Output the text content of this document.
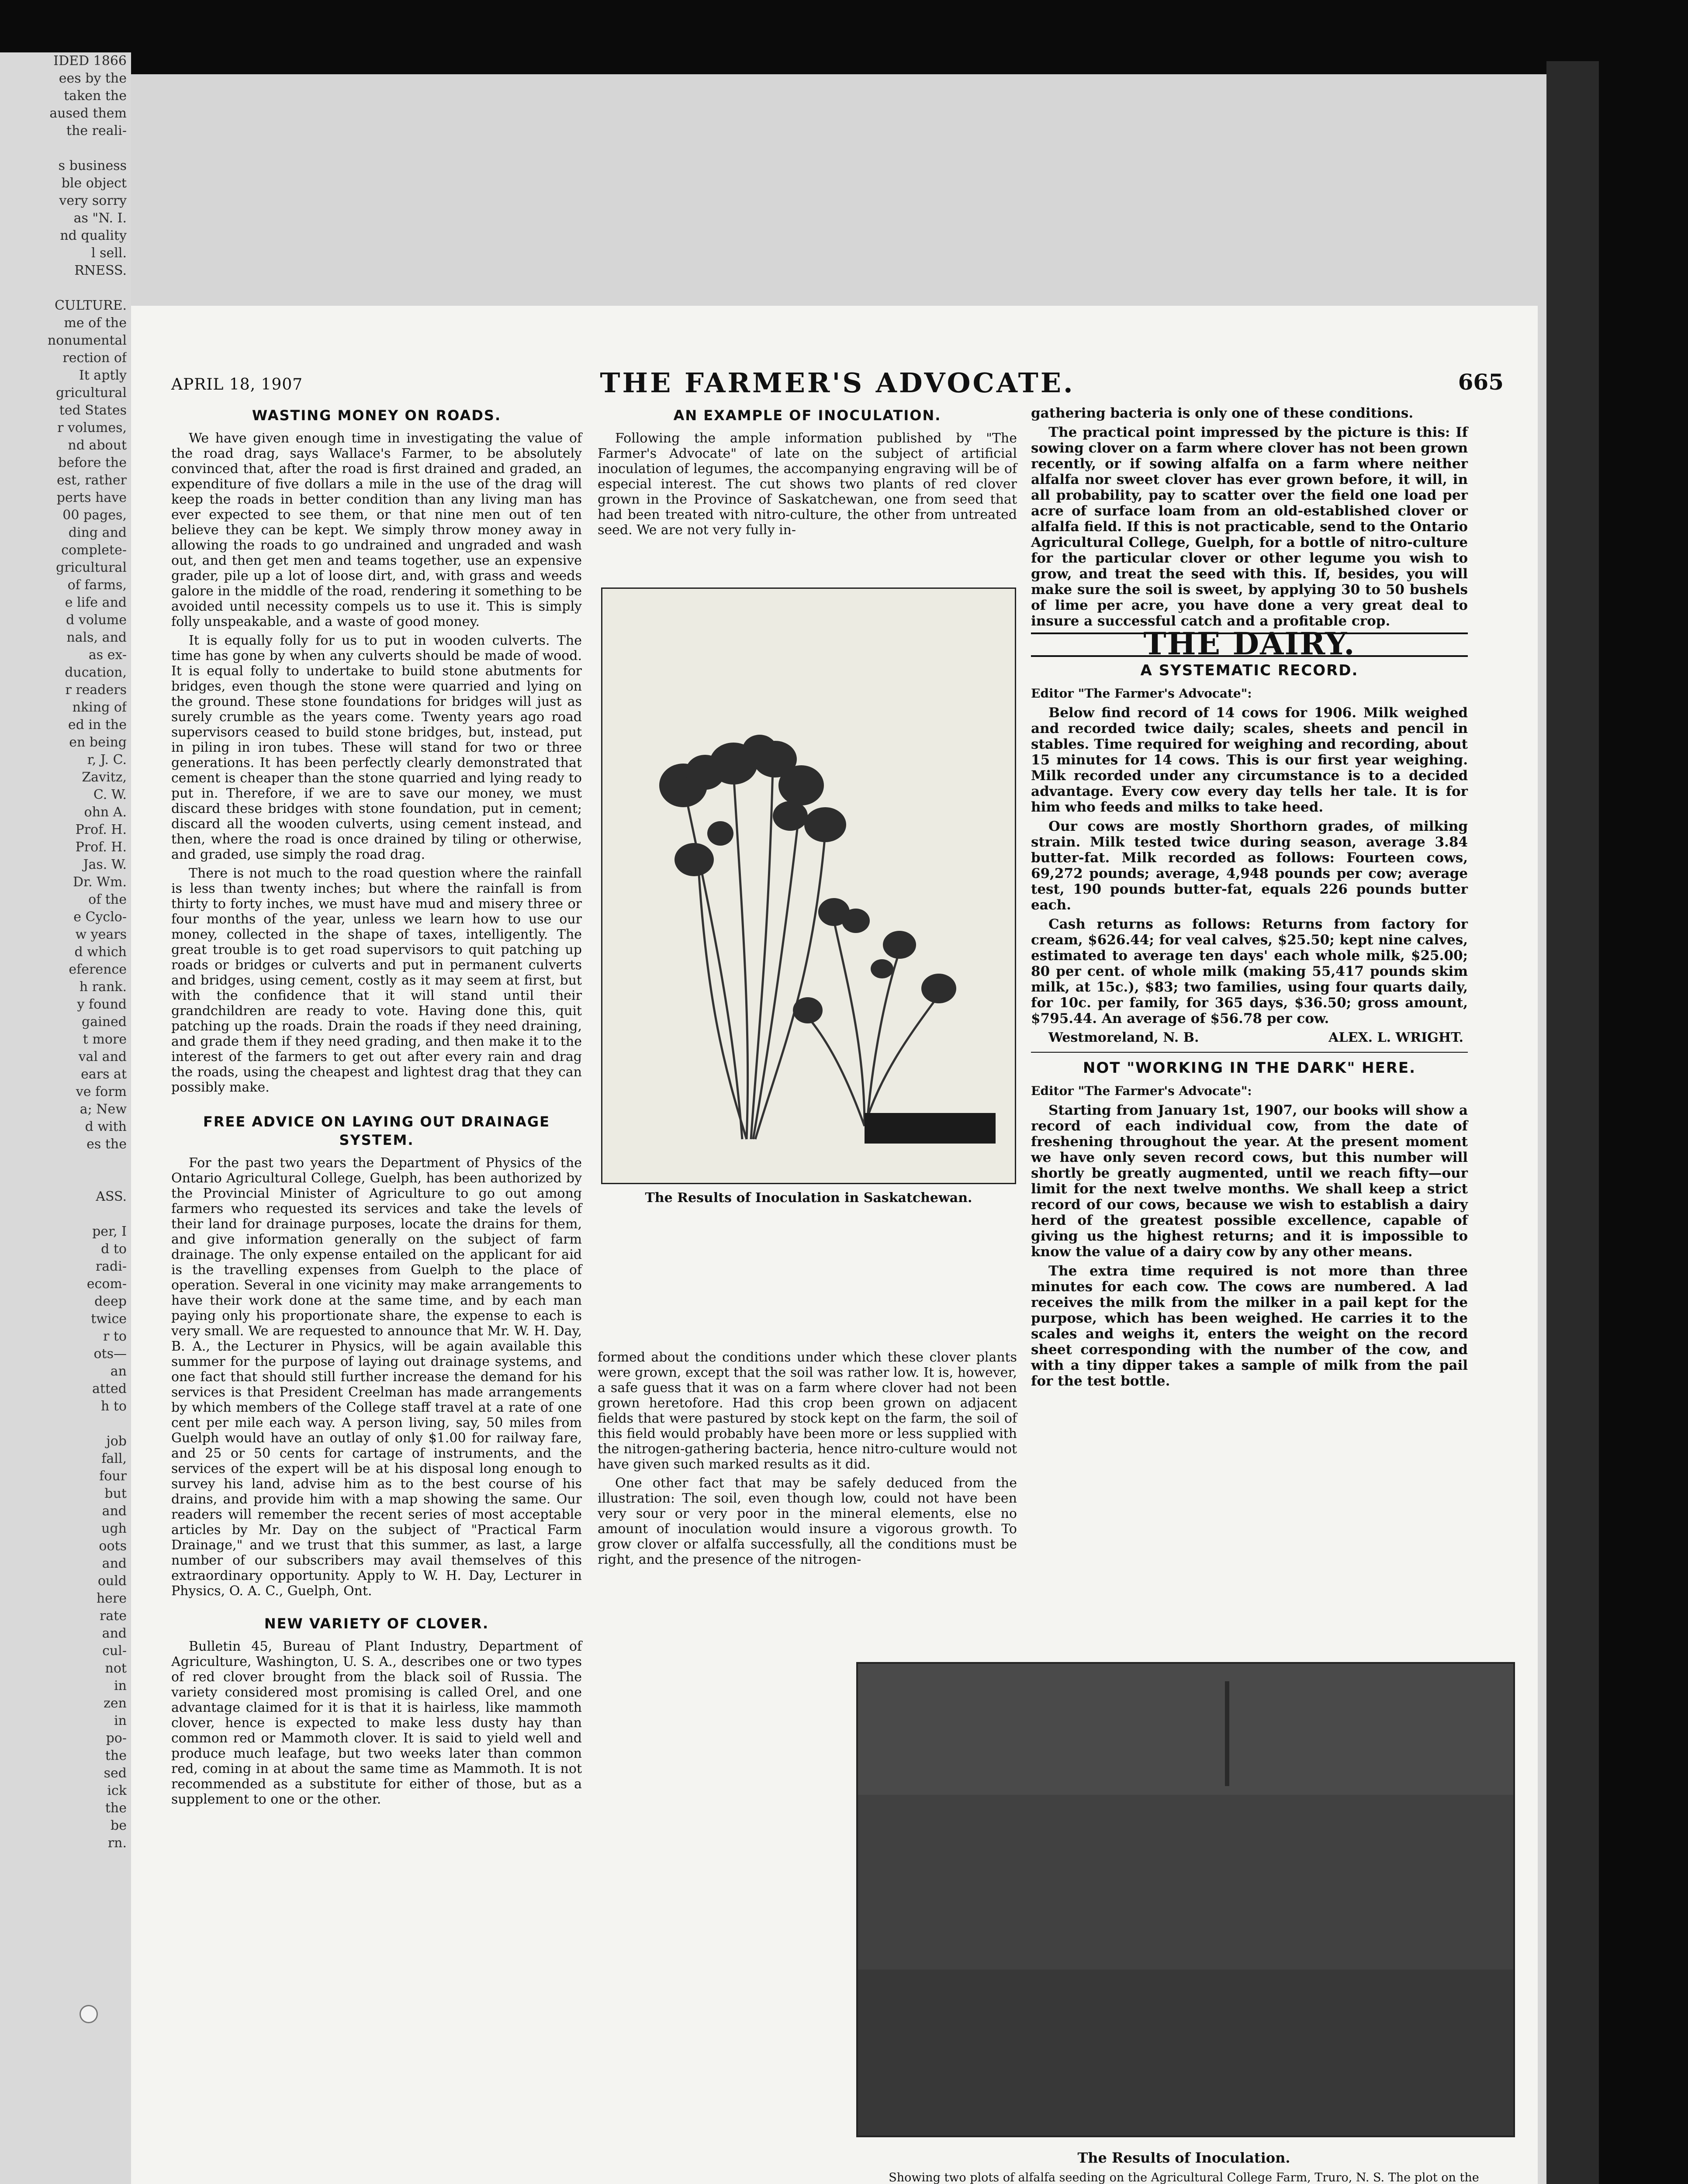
IDED 1866
ees by the
taken the
aused them
the reali-

s business
ble object
very sorry
as "N. I.
nd quality
l sell.
RNESS.

CULTURE.
me of the
nonumental
rection of
It aptly
gricultural
ted States
r volumes,
nd about
before the
est, rather
perts have
00 pages,
ding and
complete-
gricultural
of farms,
e life and
d volume
nals, and
as ex-
ducation,
r readers
nking of
ed in the
en being
r, J. C.
Zavitz,
C. W.
ohn A.
Prof. H.
Prof. H.
Jas. W.
Dr. Wm.
of the
e Cyclo-
w years
d which
eference
h rank.
y found
gained
t more
val and
ears at
ve form
a; New
d with
es the

ASS.

per, I
d to
radi-
ecom-
deep
twice
r to
ots—
an
atted
h to

job
fall,
four
but
and
ugh
oots
and
ould
here
rate
and
cul-
not
in
zen
in
po-
the
sed
ick
the
be
rn.
APRIL 18, 1907	THE FARMER'S ADVOCATE.	665
WASTING MONEY ON ROADS.

We have given enough time in investigating the value of the road drag, says Wallace's Farmer, to be absolutely convinced that, after the road is first drained and graded, an expenditure of five dollars a mile in the use of the drag will keep the roads in better condition than any living man has ever expected to see them, or that nine men out of ten believe they can be kept. We simply throw money away in allowing the roads to go undrained and ungraded and wash out, and then get men and teams together, use an expensive grader, pile up a lot of loose dirt, and, with grass and weeds galore in the middle of the road, rendering it something to be avoided until necessity compels us to use it. This is simply folly unspeakable, and a waste of good money.

It is equally folly for us to put in wooden culverts. The time has gone by when any culverts should be made of wood. It is equal folly to undertake to build stone abutments for bridges, even though the stone were quarried and lying on the ground. These stone foundations for bridges will just as surely crumble as the years come. Twenty years ago road supervisors ceased to build stone bridges, but, instead, put in piling in iron tubes. These will stand for two or three generations. It has been perfectly clearly demonstrated that cement is cheaper than the stone quarried and lying ready to put in. Therefore, if we are to save our money, we must discard these bridges with stone foundation, put in cement; discard all the wooden culverts, using cement instead, and then, where the road is once drained by tiling or otherwise, and graded, use simply the road drag.

There is not much to the road question where the rainfall is less than twenty inches; but where the rainfall is from thirty to forty inches, we must have mud and misery three or four months of the year, unless we learn how to use our money, collected in the shape of taxes, intelligently. The great trouble is to get road supervisors to quit patching up roads or bridges or culverts and put in permanent culverts and bridges, using cement, costly as it may seem at first, but with the confidence that it will stand until their grandchildren are ready to vote. Having done this, quit patching up the roads. Drain the roads if they need draining, and grade them if they need grading, and then make it to the interest of the farmers to get out after every rain and drag the roads, using the cheapest and lightest drag that they can possibly make.

FREE ADVICE ON LAYING OUT DRAINAGE SYSTEM.

For the past two years the Department of Physics of the Ontario Agricultural College, Guelph, has been authorized by the Provincial Minister of Agriculture to go out among farmers who requested its services and take the levels of their land for drainage purposes, locate the drains for them, and give information generally on the subject of farm drainage. The only expense entailed on the applicant for aid is the travelling expenses from Guelph to the place of operation. Several in one vicinity may make arrangements to have their work done at the same time, and by each man paying only his proportionate share, the expense to each is very small. We are requested to announce that Mr. W. H. Day, B. A., the Lecturer in Physics, will be again available this summer for the purpose of laying out drainage systems, and one fact that should still further increase the demand for his services is that President Creelman has made arrangements by which members of the College staff travel at a rate of one cent per mile each way. A person living, say, 50 miles from Guelph would have an outlay of only $1.00 for railway fare, and 25 or 50 cents for cartage of instruments, and the services of the expert will be at his disposal long enough to survey his land, advise him as to the best course of his drains, and provide him with a map showing the same. Our readers will remember the recent series of most acceptable articles by Mr. Day on the subject of "Practical Farm Drainage," and we trust that this summer, as last, a large number of our subscribers may avail themselves of this extraordinary opportunity. Apply to W. H. Day, Lecturer in Physics, O. A. C., Guelph, Ont.

NEW VARIETY OF CLOVER.

Bulletin 45, Bureau of Plant Industry, Department of Agriculture, Washington, U. S. A., describes one or two types of red clover brought from the black soil of Russia. The variety considered most promising is called Orel, and one advantage claimed for it is that it is hairless, like mammoth clover, hence is expected to make less dusty hay than common red or Mammoth clover. It is said to yield well and produce much leafage, but two weeks later than common red, coming in at about the same time as Mammoth. It is not recommended as a substitute for either of those, but as a supplement to one or the other.

AN EXAMPLE OF INOCULATION.

Following the ample information published by "The Farmer's Advocate" of late on the subject of artificial inoculation of legumes, the accompanying engraving will be of especial interest. The cut shows two plants of red clover grown in the Province of Saskatchewan, one from seed that had been treated with nitro-culture, the other from untreated seed. We are not very fully in-

The Results of Inoculation in Saskatchewan.

formed about the conditions under which these clover plants were grown, except that the soil was rather low. It is, however, a safe guess that it was on a farm where clover had not been grown heretofore. Had this crop been grown on adjacent fields that were pastured by stock kept on the farm, the soil of this field would probably have been more or less supplied with the nitrogen-gathering bacteria, hence nitro-culture would not have given such marked results as it did.

One other fact that may be safely deduced from the illustration: The soil, even though low, could not have been very sour or very poor in the mineral elements, else no amount of inoculation would insure a vigorous growth. To grow clover or alfalfa successfully, all the conditions must be right, and the presence of the nitrogen-

gathering bacteria is only one of these conditions.

The practical point impressed by the picture is this: If sowing clover on a farm where clover has not been grown recently, or if sowing alfalfa on a farm where neither alfalfa nor sweet clover has ever grown before, it will, in all probability, pay to scatter over the field one load per acre of surface loam from an old-established clover or alfalfa field. If this is not practicable, send to the Ontario Agricultural College, Guelph, for a bottle of nitro-culture for the particular clover or other legume you wish to grow, and treat the seed with this. If, besides, you will make sure the soil is sweet, by applying 30 to 50 bushels of lime per acre, you have done a very great deal to insure a successful catch and a profitable crop.

THE DAIRY.
A SYSTEMATIC RECORD.

Editor "The Farmer's Advocate":

Below find record of 14 cows for 1906. Milk weighed and recorded twice daily; scales, sheets and pencil in stables. Time required for weighing and recording, about 15 minutes for 14 cows. This is our first year weighing. Milk recorded under any circumstance is to a decided advantage. Every cow every day tells her tale. It is for him who feeds and milks to take heed.

Our cows are mostly Shorthorn grades, of milking strain. Milk tested twice during season, average 3.84 butter-fat. Milk recorded as follows: Fourteen cows, 69,272 pounds; average, 4,948 pounds per cow; average test, 190 pounds butter-fat, equals 226 pounds butter each.

Cash returns as follows: Returns from factory for cream, $626.44; for veal calves, $25.50; kept nine calves, estimated to average ten days' each whole milk, $25.00; 80 per cent. of whole milk (making 55,417 pounds skim milk, at 15c.), $83; two families, using four quarts daily, for 10c. per family, for 365 days, $36.50; gross amount, $795.44. An average of $56.78 per cow.

Westmoreland, N. B.	ALEX. L. WRIGHT.
NOT "WORKING IN THE DARK" HERE.

Editor "The Farmer's Advocate":

Starting from January 1st, 1907, our books will show a record of each individual cow, from the date of freshening throughout the year. At the present moment we have only seven record cows, but this number will shortly be greatly augmented, until we reach fifty—our limit for the next twelve months. We shall keep a strict record of our cows, because we wish to establish a dairy herd of the greatest possible excellence, capable of giving us the highest returns; and it is impossible to know the value of a dairy cow by any other means.

The extra time required is not more than three minutes for each cow. The cows are numbered. A lad receives the milk from the milker in a pail kept for the purpose, which has been weighed. He carries it to the scales and weighs it, enters the weight on the record sheet corresponding with the number of the cow, and with a tiny dipper takes a sample of milk from the pail for the test bottle.

The Results of Inoculation.
Showing two plots of alfalfa seeding on the Agricultural College Farm, Truro, N. S. The plot on the
